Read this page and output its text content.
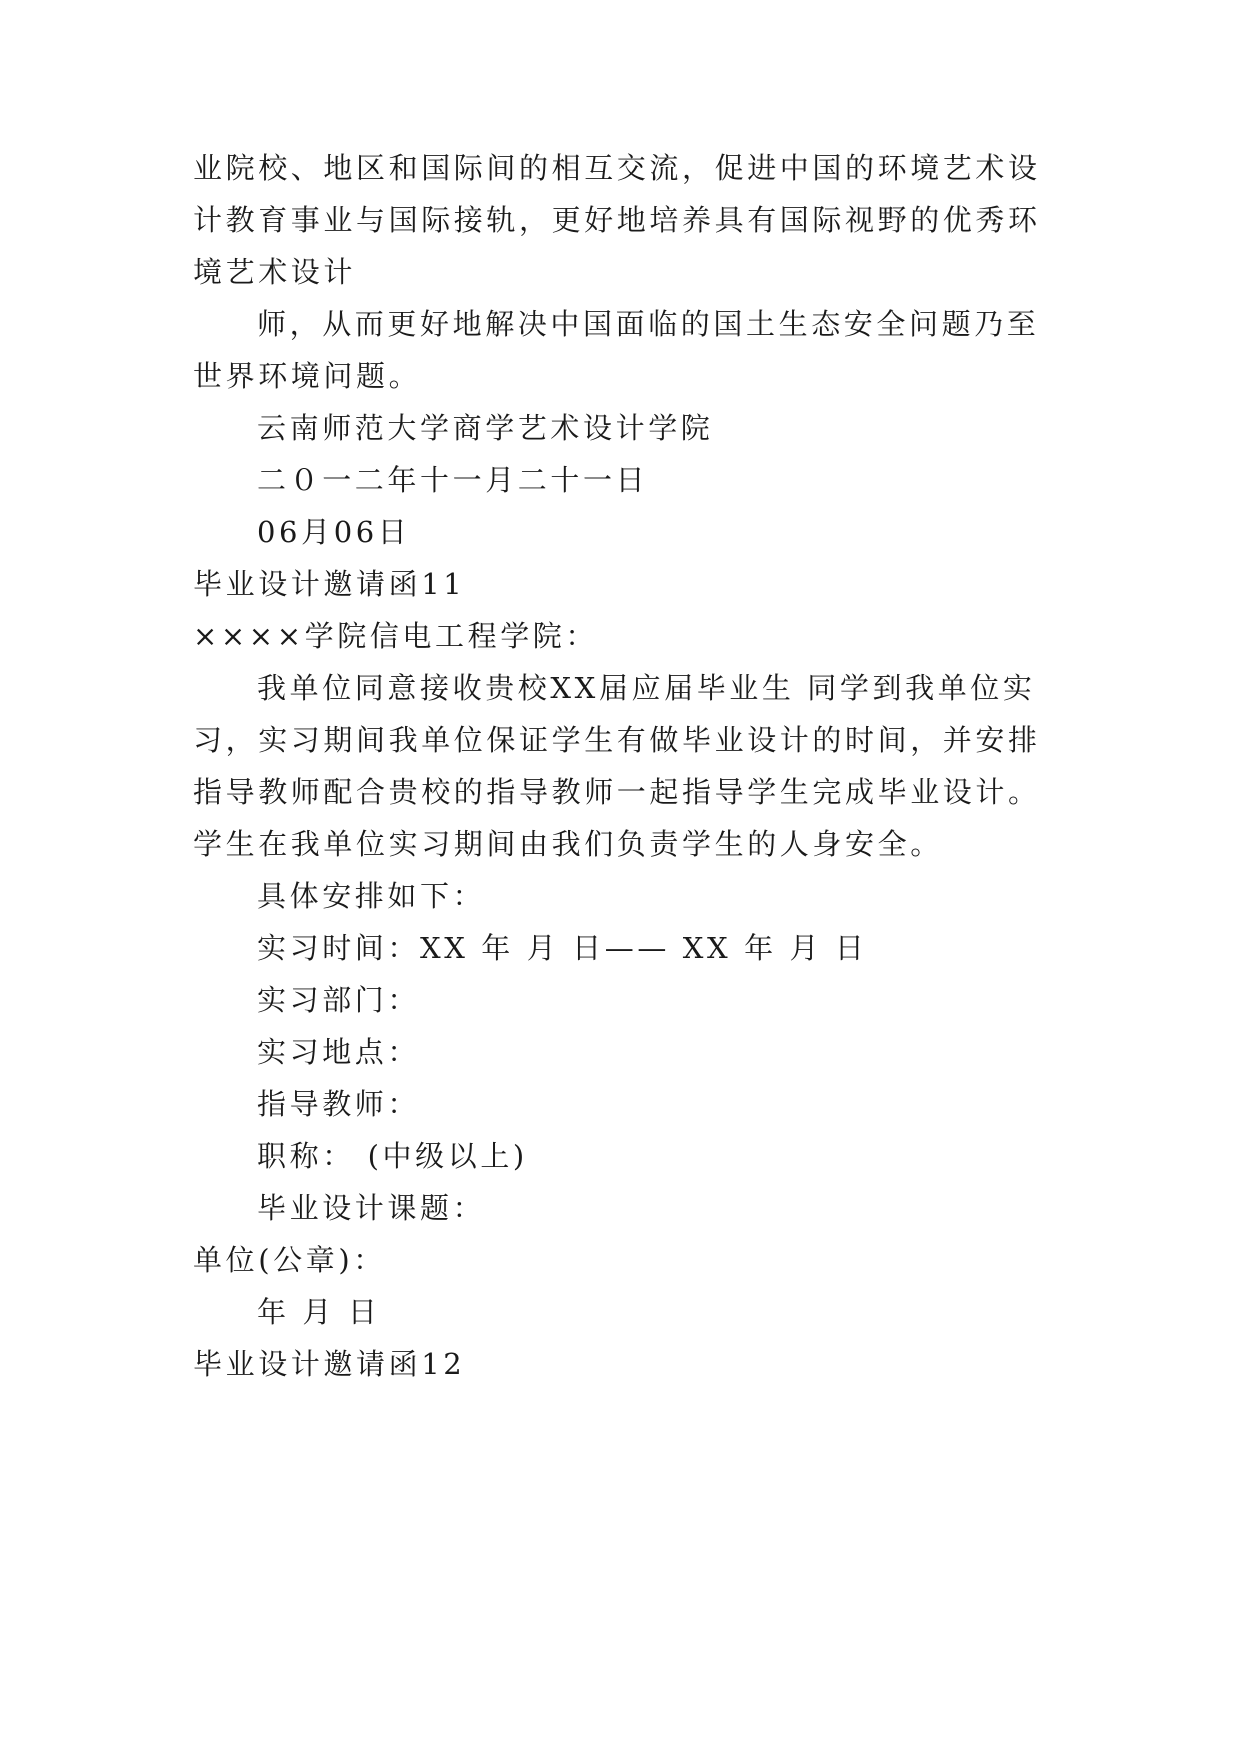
业院校、地区和国际间的相互交流，促进中国的环境艺术设

计教育事业与国际接轨，更好地培养具有国际视野的优秀环

境艺术设计

师，从而更好地解决中国面临的国土生态安全问题乃至

世界环境问题。

云南师范大学商学艺术设计学院

二０一二年十一月二十一日

06月06日

毕业设计邀请函11

××××学院信电工程学院：

我单位同意接收贵校XX届应届毕业生 同学到我单位实

习，实习期间我单位保证学生有做毕业设计的时间，并安排

指导教师配合贵校的指导教师一起指导学生完成毕业设计。

学生在我单位实习期间由我们负责学生的人身安全。

具体安排如下：

实习时间：XX 年 月 日—— XX 年 月 日

实习部门：

实习地点：

指导教师：

职称： (中级以上)

毕业设计课题：

单位(公章)：

年 月 日

毕业设计邀请函12
